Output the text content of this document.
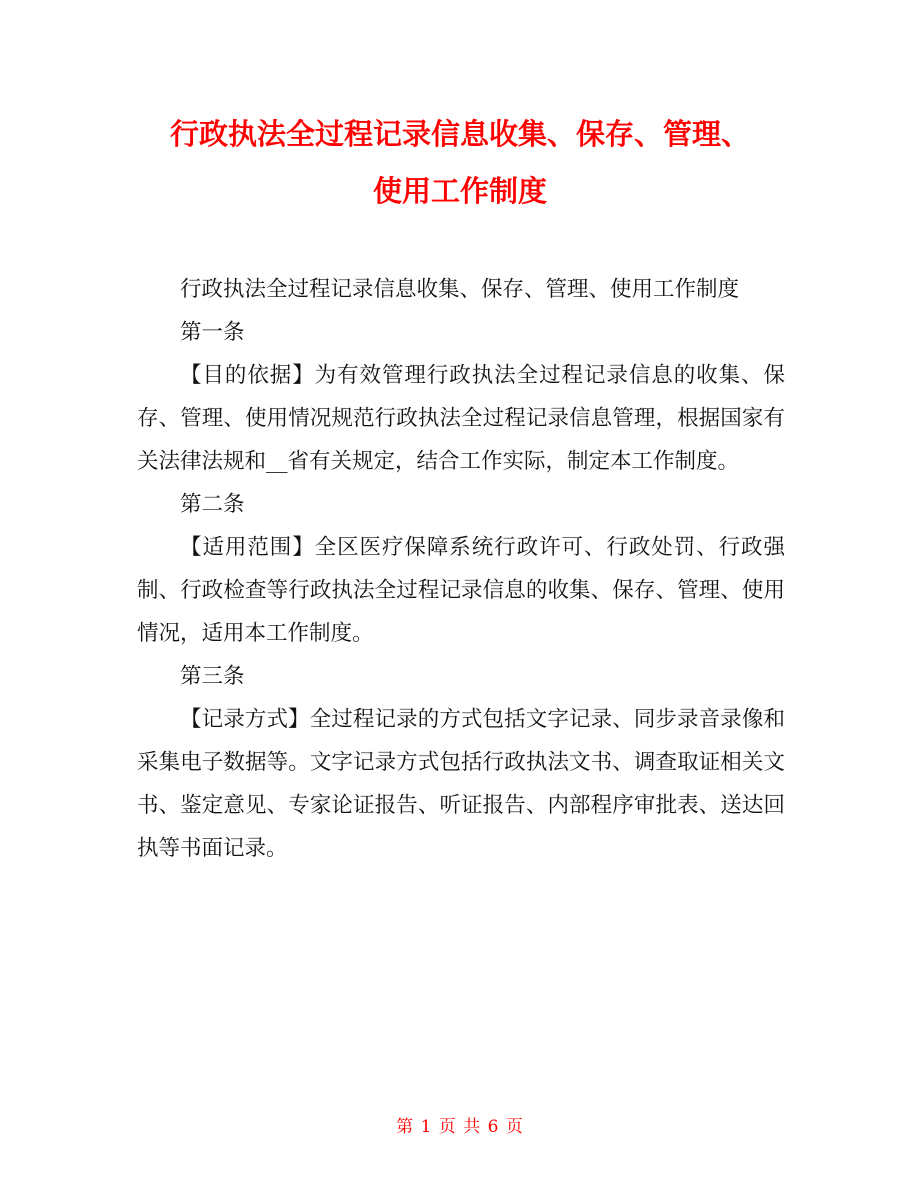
行政执法全过程记录信息收集、保存、管理、
使用工作制度

行政执法全过程记录信息收集、保存、管理、使用工作制度

第一条

【目的依据】为有效管理行政执法全过程记录信息的收集、保存、管理、使用情况规范行政执法全过程记录信息管理，根据国家有关法律法规和__省有关规定，结合工作实际，制定本工作制度。

第二条

【适用范围】全区医疗保障系统行政许可、行政处罚、行政强制、行政检查等行政执法全过程记录信息的收集、保存、管理、使用情况，适用本工作制度。

第三条

【记录方式】全过程记录的方式包括文字记录、同步录音录像和采集电子数据等。文字记录方式包括行政执法文书、调查取证相关文书、鉴定意见、专家论证报告、听证报告、内部程序审批表、送达回执等书面记录。

第 1 页 共 6 页
